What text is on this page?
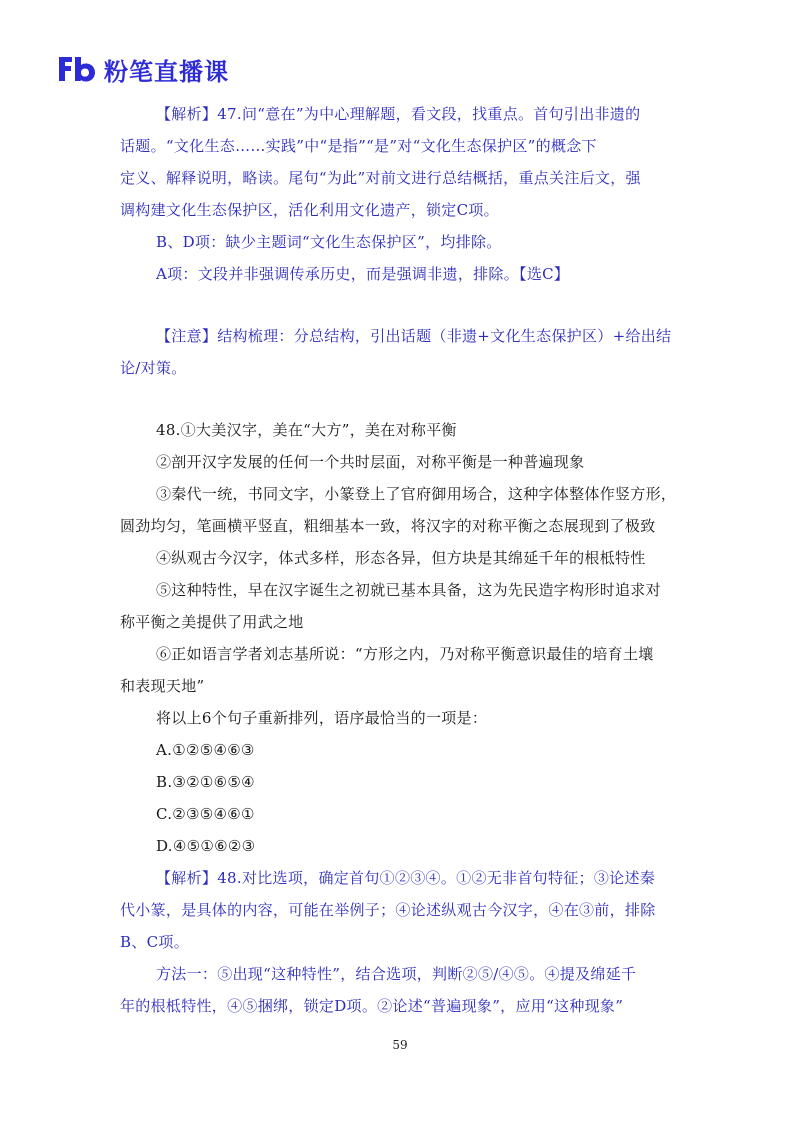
粉笔直播课
【解析】47.问“意在”为中心理解题，看文段，找重点。首句引出非遗的
话题。“文化生态……实践”中“是指”“是”对“文化生态保护区”的概念下
定义、解释说明，略读。尾句“为此”对前文进行总结概括，重点关注后文，强
调构建文化生态保护区，活化利用文化遗产，锁定C项。
B、D项：缺少主题词“文化生态保护区”，均排除。
A项：文段并非强调传承历史，而是强调非遗，排除。【选C】
【注意】结构梳理：分总结构，引出话题（非遗+文化生态保护区）+给出结
论/对策。
48.①大美汉字，美在“大方”，美在对称平衡
②剖开汉字发展的任何一个共时层面，对称平衡是一种普遍现象
③秦代一统，书同文字，小篆登上了官府御用场合，这种字体整体作竖方形，
圆劲均匀，笔画横平竖直，粗细基本一致，将汉字的对称平衡之态展现到了极致
④纵观古今汉字，体式多样，形态各异，但方块是其绵延千年的根柢特性
⑤这种特性，早在汉字诞生之初就已基本具备，这为先民造字构形时追求对
称平衡之美提供了用武之地
⑥正如语言学者刘志基所说：“方形之内，乃对称平衡意识最佳的培育土壤
和表现天地”
将以上6个句子重新排列，语序最恰当的一项是：
A.①②⑤④⑥③
B.③②①⑥⑤④
C.②③⑤④⑥①
D.④⑤①⑥②③
【解析】48.对比选项，确定首句①②③④。①②无非首句特征；③论述秦
代小篆，是具体的内容，可能在举例子；④论述纵观古今汉字，④在③前，排除
B、C项。
方法一：⑤出现“这种特性”，结合选项，判断②⑤/④⑤。④提及绵延千
年的根柢特性，④⑤捆绑，锁定D项。②论述“普遍现象”，应用“这种现象”
59
